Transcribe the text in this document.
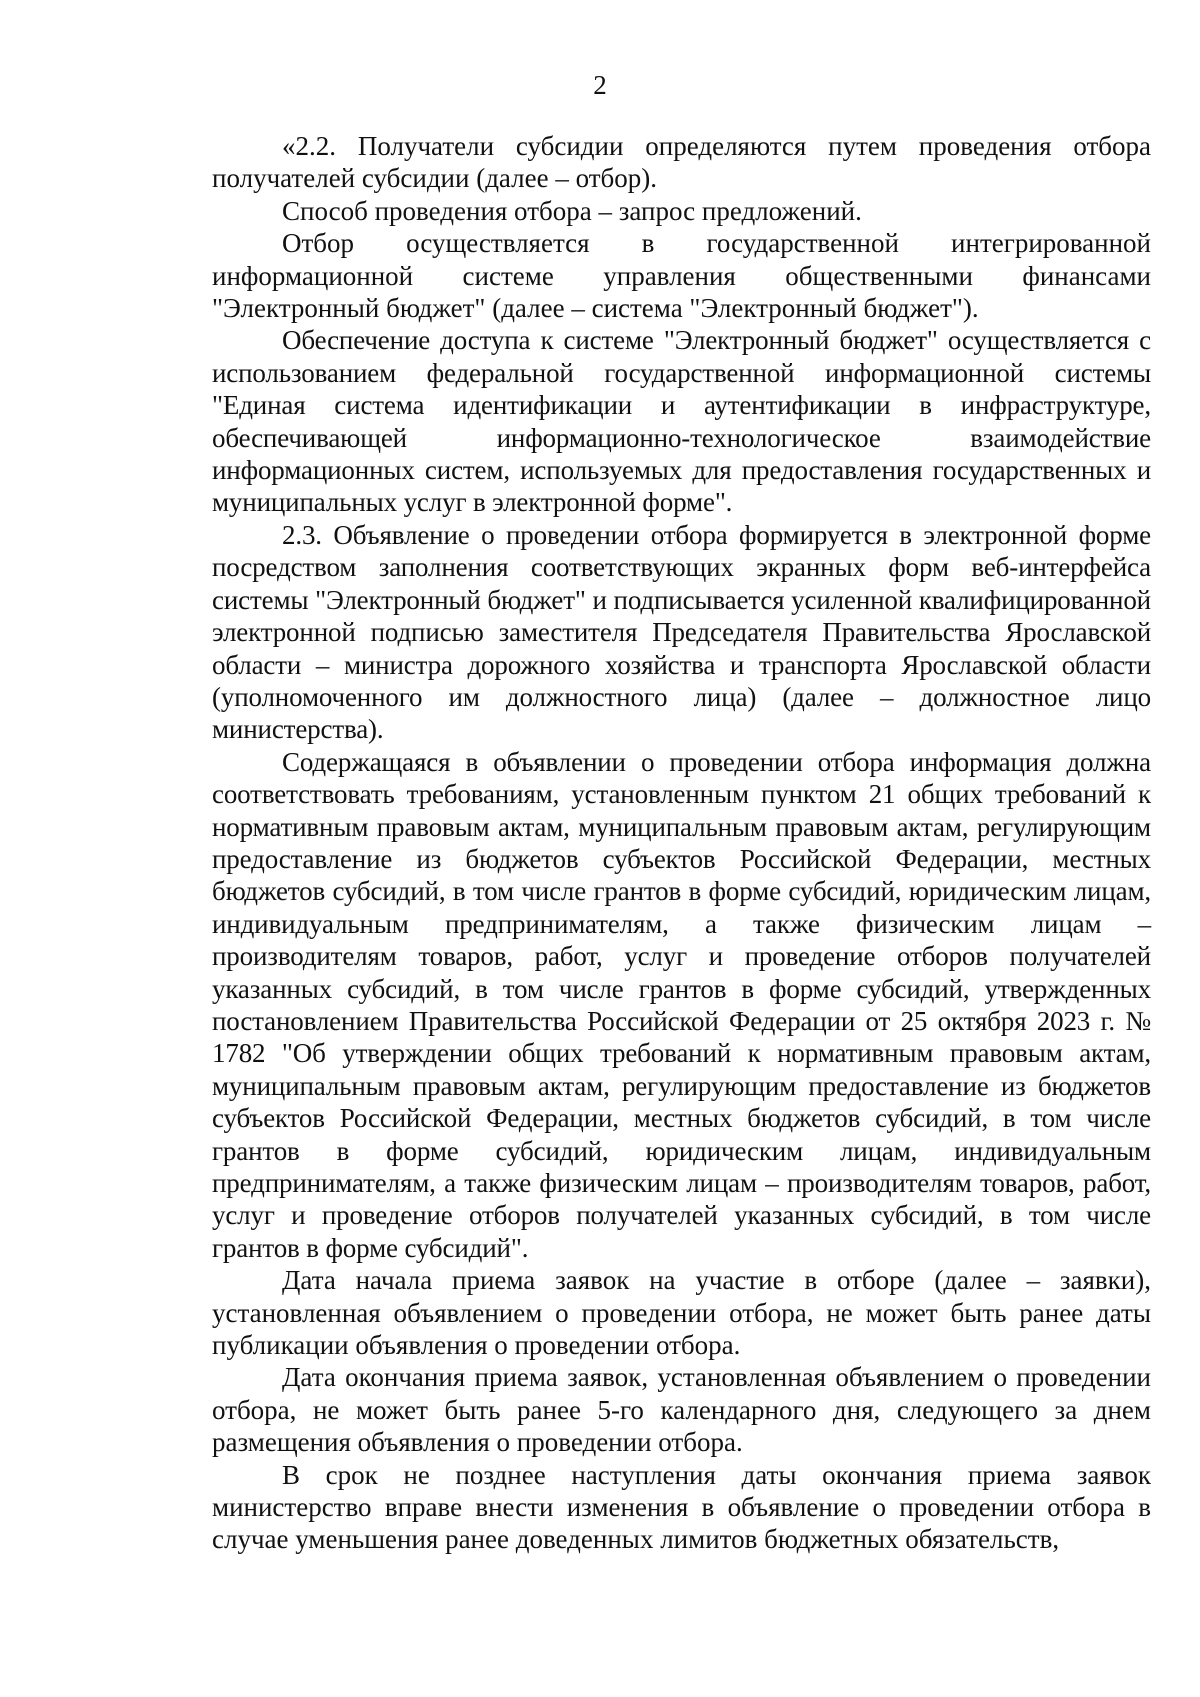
2

«2.2. Получатели субсидии определяются путем проведения отбора получателей субсидии (далее – отбор).

Способ проведения отбора – запрос предложений.

Отбор осуществляется в государственной интегрированной информационной системе управления общественными финансами "Электронный бюджет" (далее – система "Электронный бюджет").

Обеспечение доступа к системе "Электронный бюджет" осуществляется с использованием федеральной государственной информационной системы "Единая система идентификации и аутентификации в инфраструктуре, обеспечивающей информационно-технологическое взаимодействие информационных систем, используемых для предоставления государственных и муниципальных услуг в электронной форме".

2.3. Объявление о проведении отбора формируется в электронной форме посредством заполнения соответствующих экранных форм веб-интерфейса системы "Электронный бюджет" и подписывается усиленной квалифицированной электронной подписью заместителя Председателя Правительства Ярославской области – министра дорожного хозяйства и транспорта Ярославской области (уполномоченного им должностного лица) (далее – должностное лицо министерства).

Содержащаяся в объявлении о проведении отбора информация должна соответствовать требованиям, установленным пунктом 21 общих требований к нормативным правовым актам, муниципальным правовым актам, регулирующим предоставление из бюджетов субъектов Российской Федерации, местных бюджетов субсидий, в том числе грантов в форме субсидий, юридическим лицам, индивидуальным предпринимателям, а также физическим лицам – производителям товаров, работ, услуг и проведение отборов получателей указанных субсидий, в том числе грантов в форме субсидий, утвержденных постановлением Правительства Российской Федерации от 25 октября 2023 г. № 1782 "Об утверждении общих требований к нормативным правовым актам, муниципальным правовым актам, регулирующим предоставление из бюджетов субъектов Российской Федерации, местных бюджетов субсидий, в том числе грантов в форме субсидий, юридическим лицам, индивидуальным предпринимателям, а также физическим лицам – производителям товаров, работ, услуг и проведение отборов получателей указанных субсидий, в том числе грантов в форме субсидий".

Дата начала приема заявок на участие в отборе (далее – заявки), установленная объявлением о проведении отбора, не может быть ранее даты публикации объявления о проведении отбора.

Дата окончания приема заявок, установленная объявлением о проведении отбора, не может быть ранее 5-го календарного дня, следующего за днем размещения объявления о проведении отбора.

В срок не позднее наступления даты окончания приема заявок министерство вправе внести изменения в объявление о проведении отбора в случае уменьшения ранее доведенных лимитов бюджетных обязательств,
